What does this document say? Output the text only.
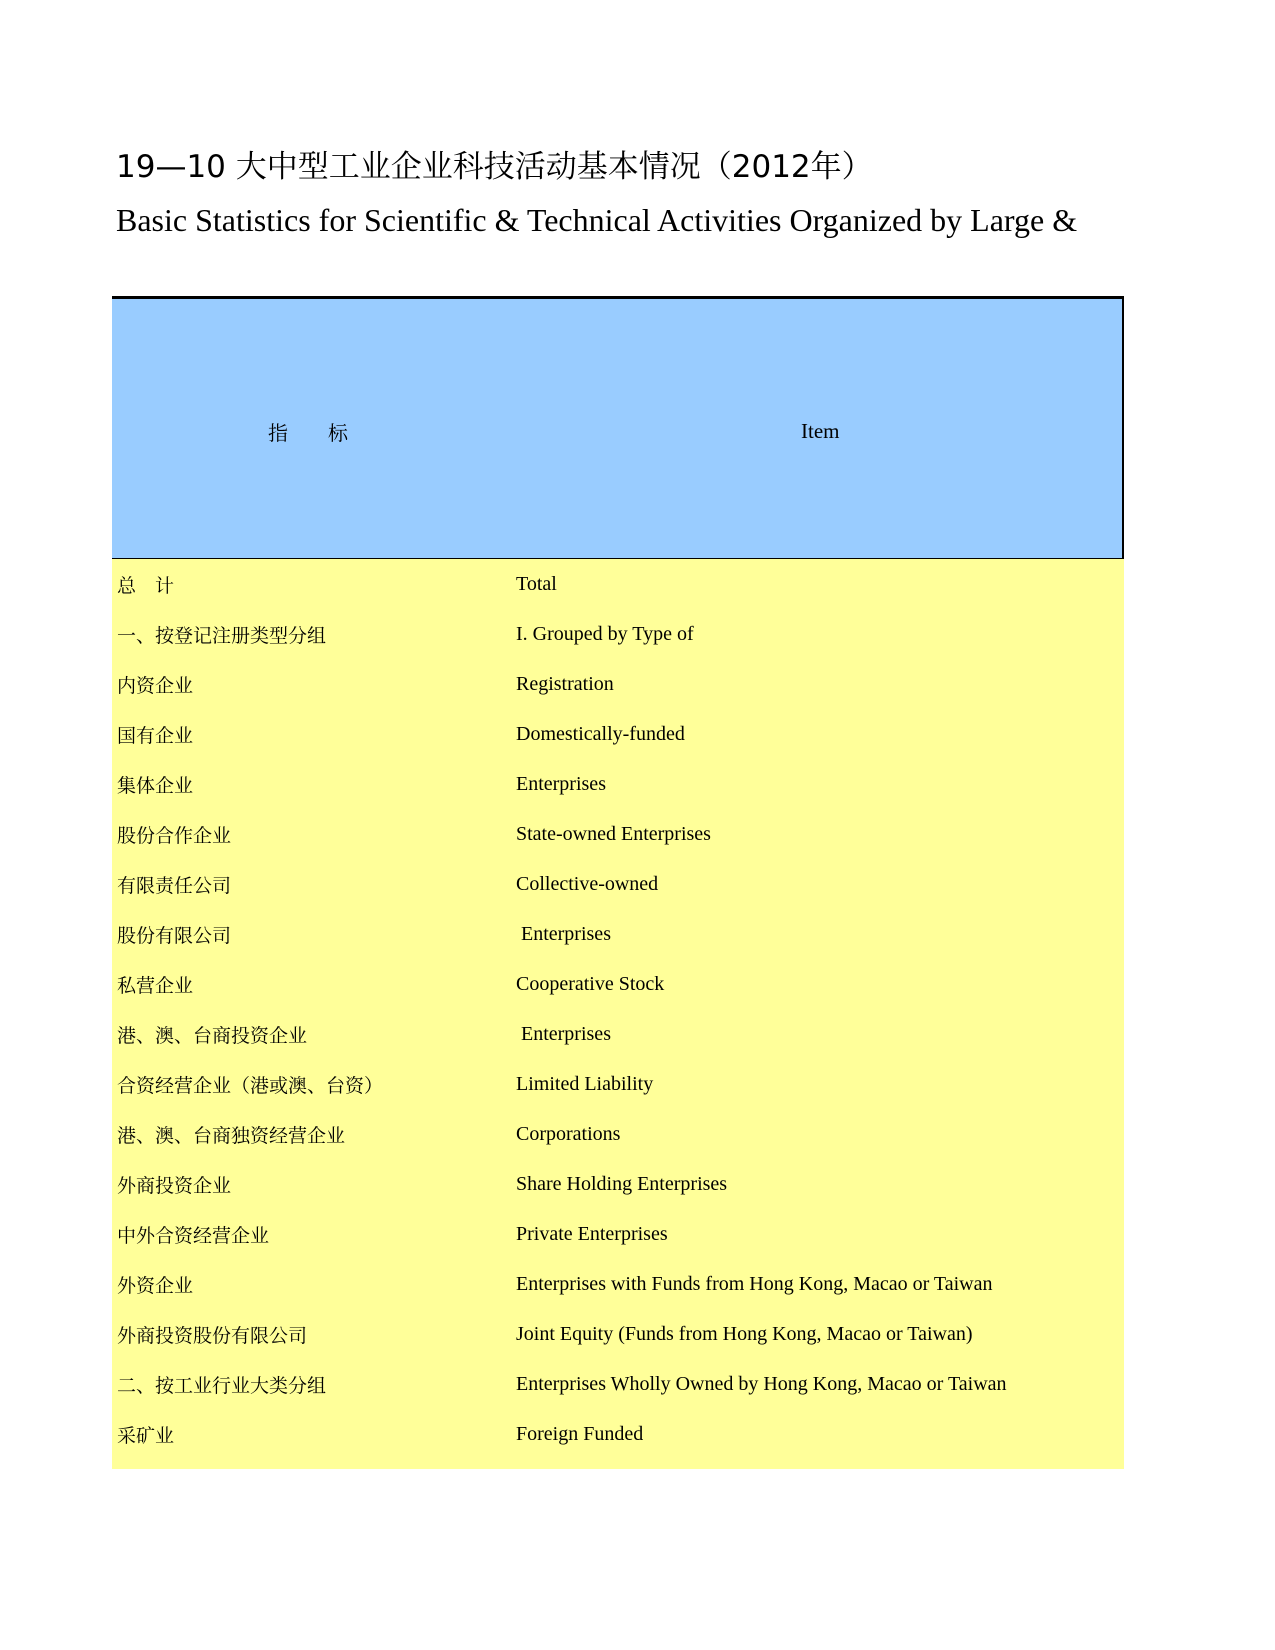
19—10 大中型工业企业科技活动基本情况（2012年）
Basic Statistics for Scientific & Technical Activities Organized by Large &
指　　标	Item
总　计	Total
一、按登记注册类型分组	I. Grouped by Type of
内资企业	Registration
国有企业	Domestically-funded
集体企业	Enterprises
股份合作企业	State-owned Enterprises
有限责任公司	Collective-owned
股份有限公司	Enterprises
私营企业	Cooperative Stock
港、澳、台商投资企业	Enterprises
合资经营企业（港或澳、台资）	Limited Liability
港、澳、台商独资经营企业	Corporations
外商投资企业	Share Holding Enterprises
中外合资经营企业	Private Enterprises
外资企业	Enterprises with Funds from Hong Kong, Macao or Taiwan
外商投资股份有限公司	Joint Equity (Funds from Hong Kong, Macao or Taiwan)
二、按工业行业大类分组	Enterprises Wholly Owned by Hong Kong, Macao or Taiwan
采矿业	Foreign Funded
